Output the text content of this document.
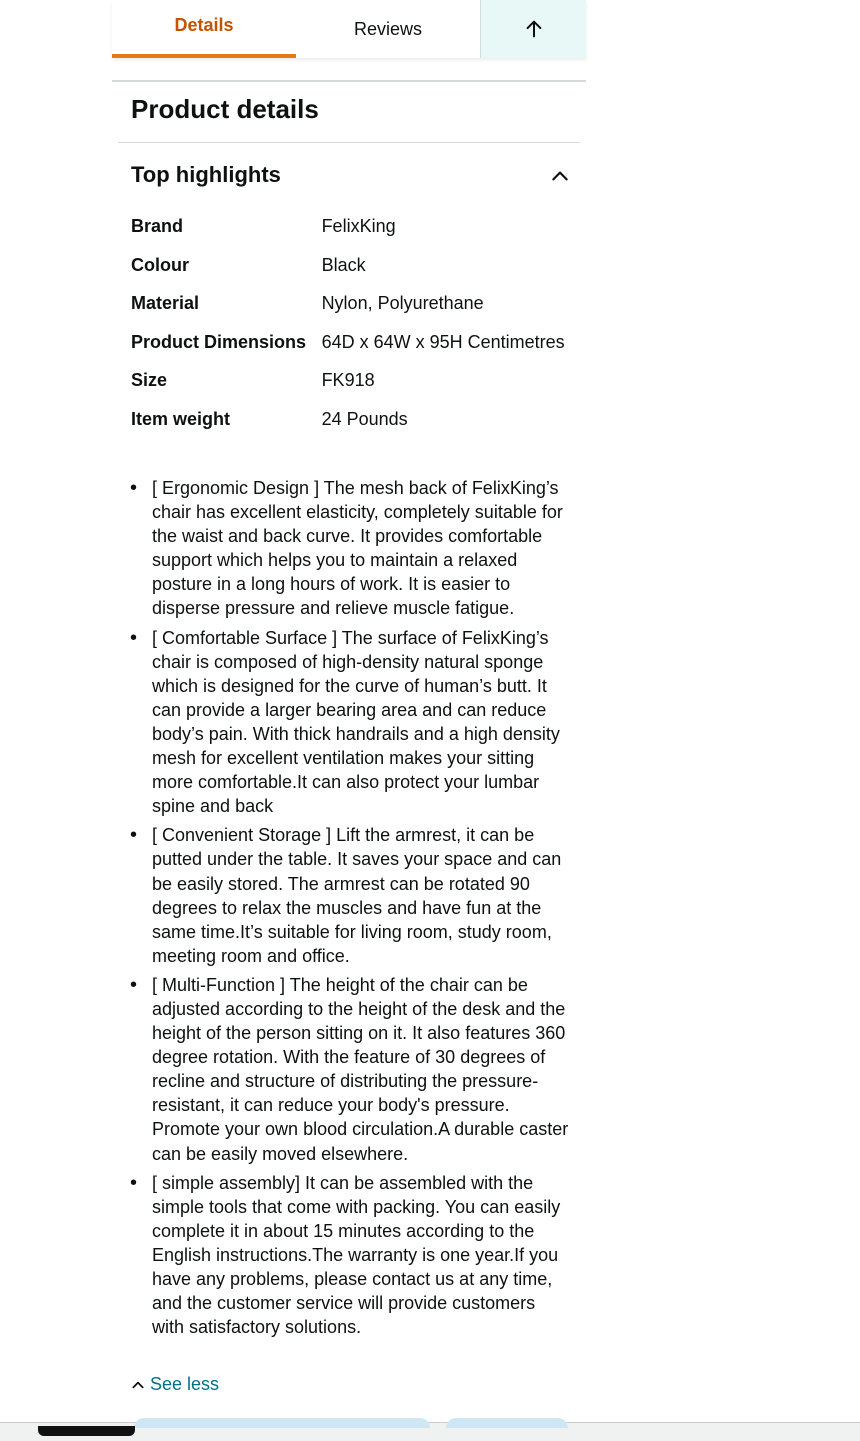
Details	Reviews
Product details
Top highlights
Brand	FelixKing
Colour	Black
Material	Nylon, Polyurethane
Product Dimensions 64D x 64W x 95H Centimetres
Size	FK918
Item weight	24 Pounds
• [ Ergonomic Design ] The mesh back of FelixKing’s chair has excellent elasticity, completely suitable for the waist and back curve. It provides comfortable support which helps you to maintain a relaxed posture in a long hours of work. It is easier to disperse pressure and relieve muscle fatigue.
• [ Comfortable Surface ] The surface of FelixKing’s chair is composed of high-density natural sponge which is designed for the curve of human’s butt. It can provide a larger bearing area and can reduce body’s pain. With thick handrails and a high density mesh for excellent ventilation makes your sitting more comfortable.It can also protect your lumbar spine and back
• [ Convenient Storage ] Lift the armrest, it can be putted under the table. It saves your space and can be easily stored. The armrest can be rotated 90 degrees to relax the muscles and have fun at the same time.It’s suitable for living room, study room, meeting room and office.
• [ Multi-Function ] The height of the chair can be adjusted according to the height of the desk and the height of the person sitting on it. It also features 360 degree rotation. With the feature of 30 degrees of recline and structure of distributing the pressure-resistant, it can reduce your body's pressure. Promote your own blood circulation.A durable caster can be easily moved elsewhere.
• [ simple assembly] It can be assembled with the simple tools that come with packing. You can easily complete it in about 15 minutes according to the English instructions.The warranty is one year.If you have any problems, please contact us at any time, and the customer service will provide customers with satisfactory solutions.
See less
